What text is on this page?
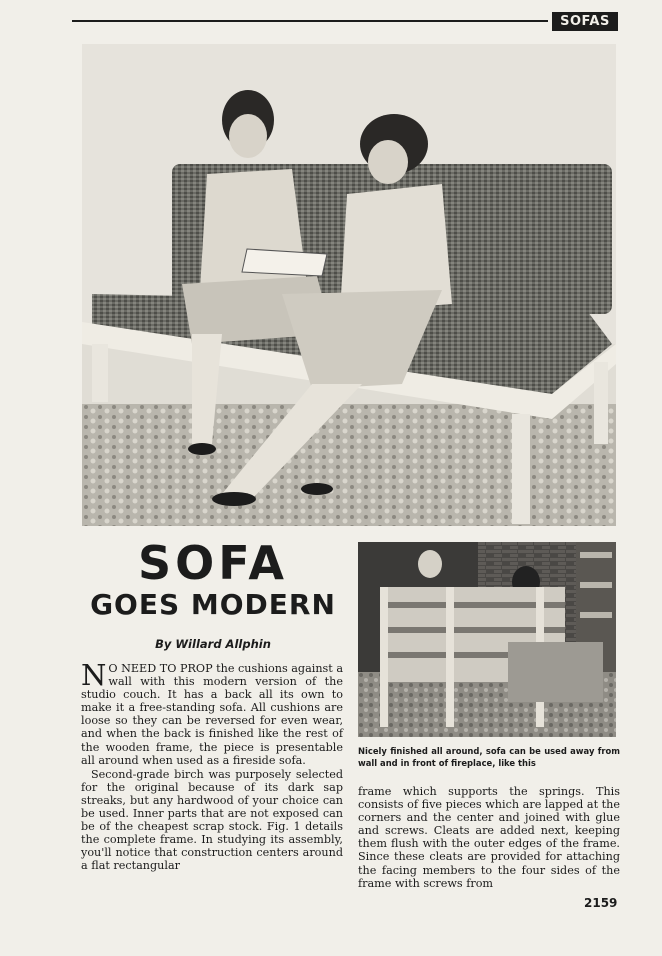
SOFAS
SOFA
GOES MODERN
By Willard Allphin

N O NEED TO PROP the cushions against a wall with this modern version of the studio couch. It has a back all its own to make it a free-standing sofa. All cushions are loose so they can be reversed for even wear, and when the back is finished like the rest of the wooden frame, the piece is presentable all around when used as a fireside sofa.

Second-grade birch was purposely selected for the original because of its dark sap streaks, but any hardwood of your choice can be used. Inner parts that are not exposed can be of the cheapest scrap stock. Fig. 1 details the complete frame. In studying its assembly, you'll notice that construction centers around a flat rectangular

Nicely finished all around, sofa can be used away from wall and in front of fireplace, like this

frame which supports the springs. This consists of five pieces which are lapped at the corners and the center and joined with glue and screws. Cleats are added next, keeping them flush with the outer edges of the frame. Since these cleats are provided for attaching the facing members to the four sides of the frame with screws from

2159
